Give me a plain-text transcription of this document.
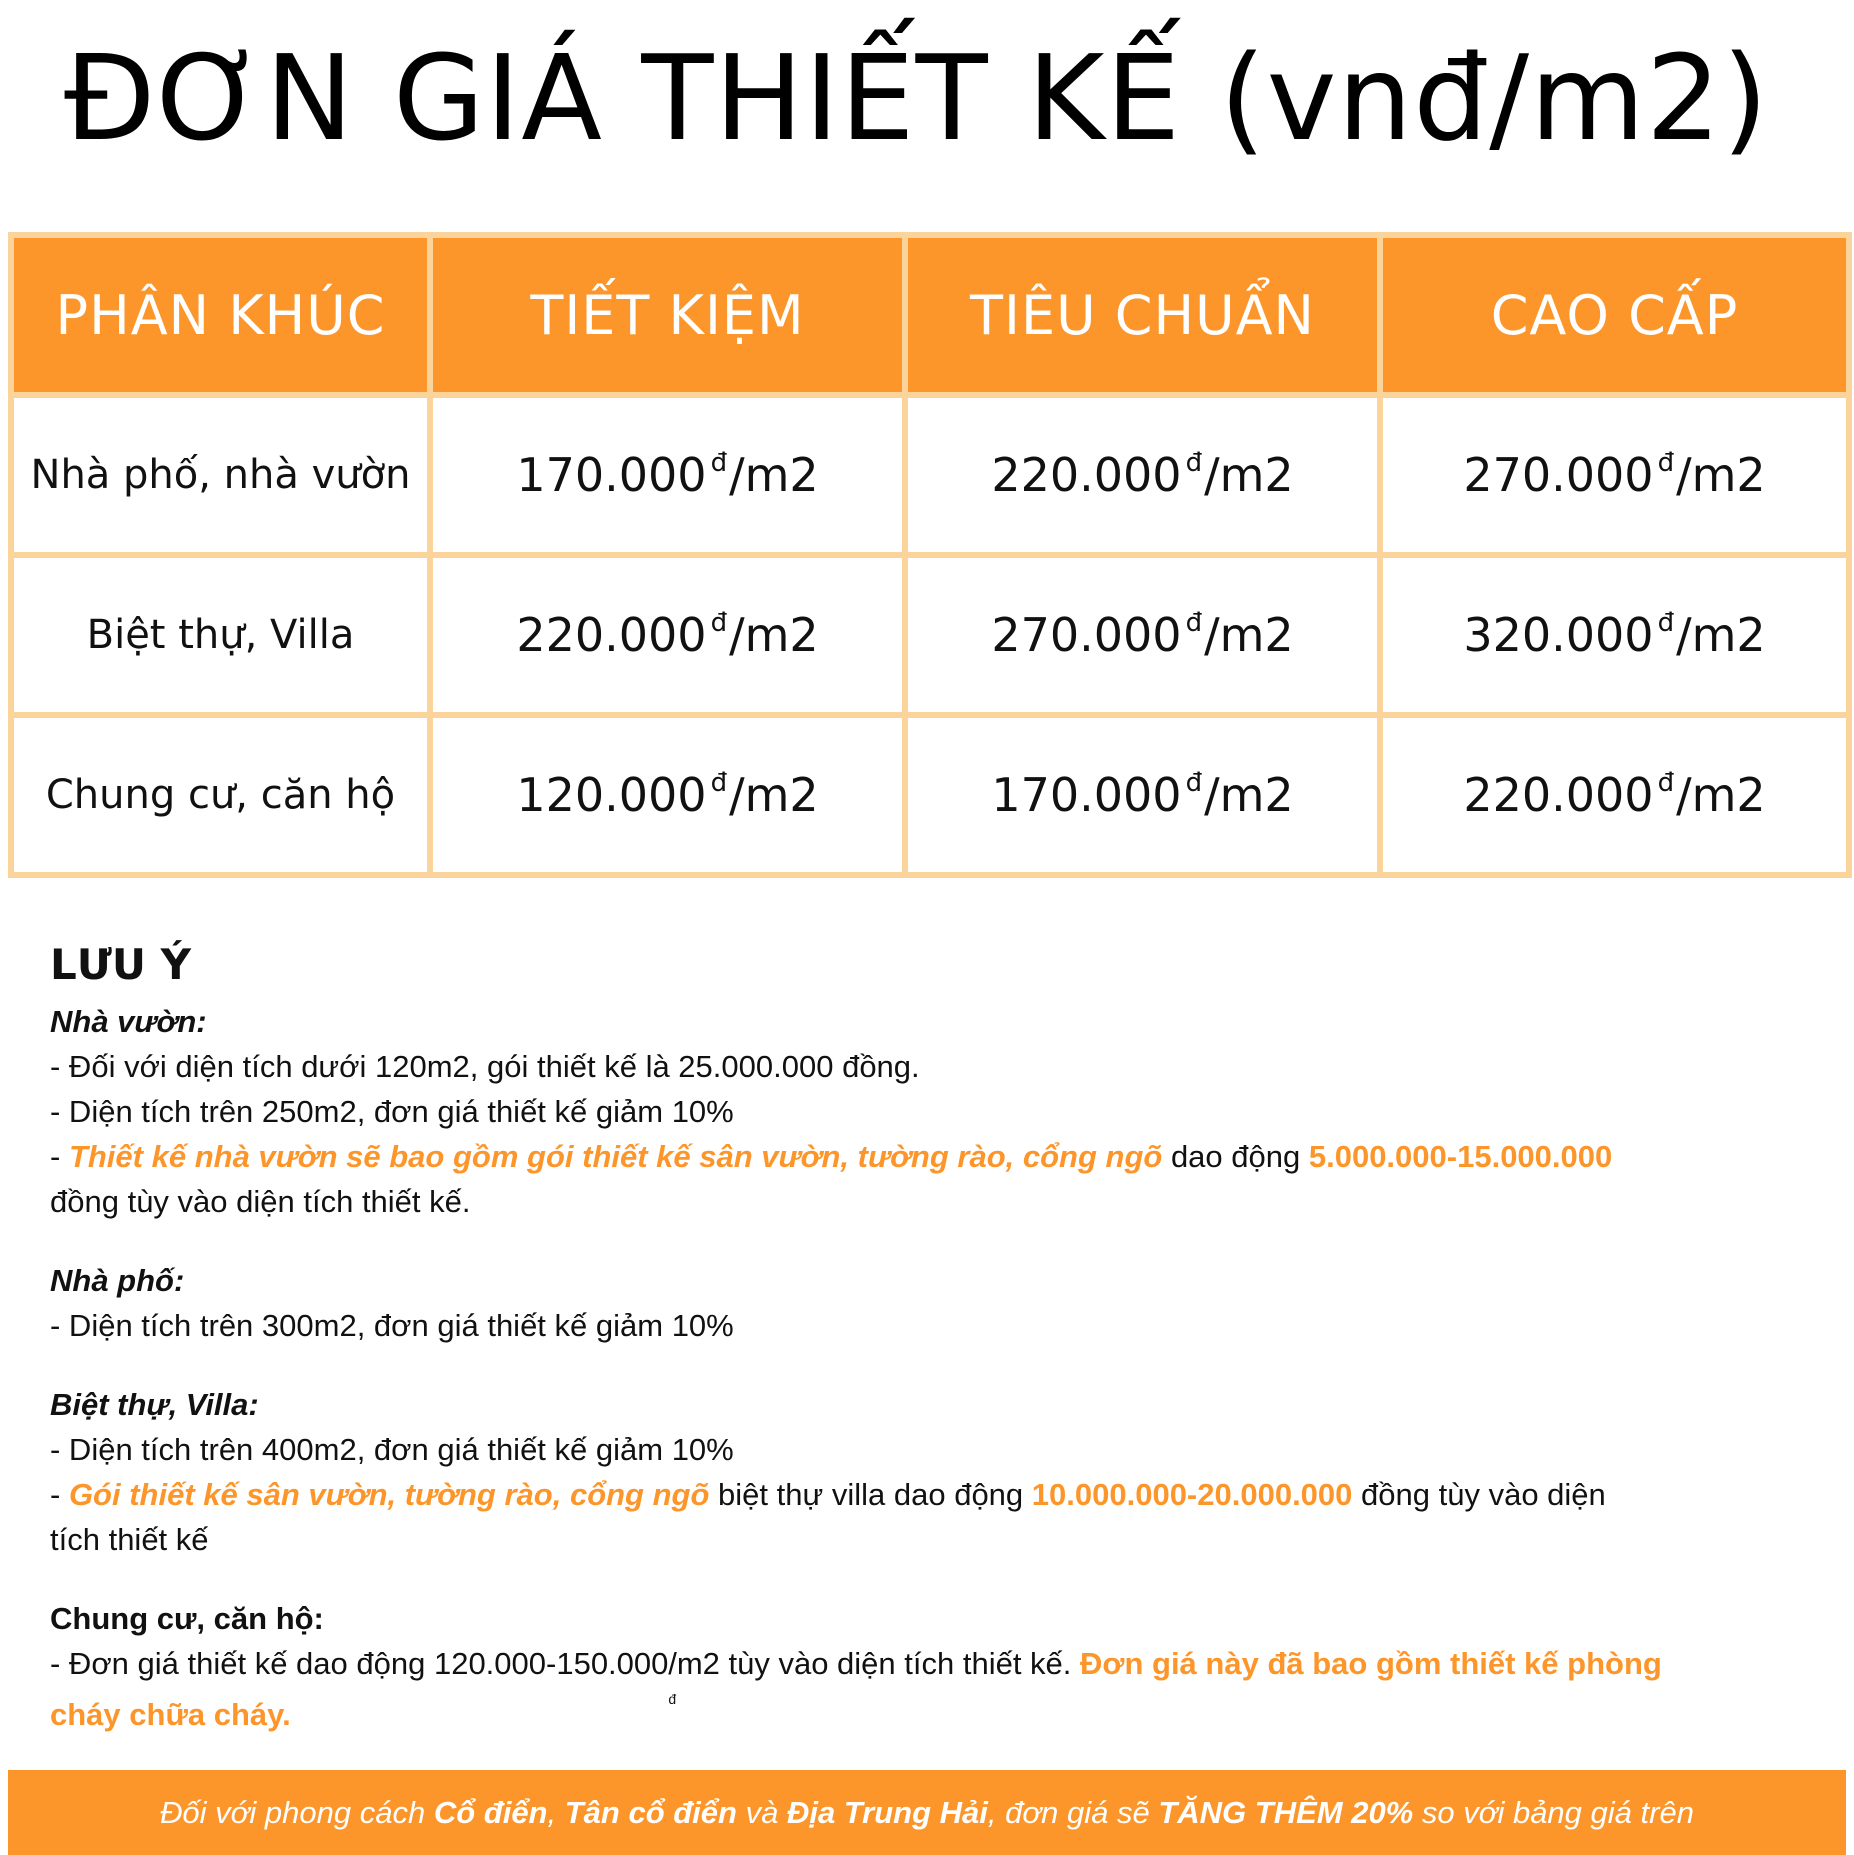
ĐƠN GIÁ THIẾT KẾ (vnđ/m2)
PHÂN KHÚC	TIẾT KIỆM	TIÊU CHUẨN	CAO CẤP
Nhà phố, nhà vườn	170.000 $^đ$/m2	220.000 $^đ$/m2	270.000 $^đ$/m2
Biệt thự, Villa	220.000 $^đ$/m2	270.000 $^đ$/m2	320.000 $^đ$/m2
Chung cư, căn hộ	120.000 $^đ$/m2	170.000 $^đ$/m2	220.000 $^đ$/m2
LƯU Ý
Nhà vườn:
- Đối với diện tích dưới 120m2, gói thiết kế là 25.000.000 đồng.
- Diện tích trên 250m2, đơn giá thiết kế giảm 10%
- Thiết kế nhà vườn sẽ bao gồm gói thiết kế sân vườn, tường rào, cổng ngõ dao động 5.000.000-15.000.000
đồng tùy vào diện tích thiết kế.
Nhà phố:
- Diện tích trên 300m2, đơn giá thiết kế giảm 10%
Biệt thự, Villa:
- Diện tích trên 400m2, đơn giá thiết kế giảm 10%
- Gói thiết kế sân vườn, tường rào, cổng ngõ biệt thự villa dao động 10.000.000-20.000.000 đồng tùy vào diện
tích thiết kế
Chung cư, căn hộ:
- Đơn giá thiết kế dao động $120.000-150.000_đ/m2$ tùy vào diện tích thiết kế. Đơn giá này đã bao gồm thiết kế phòng
cháy chữa cháy.
Đối với phong cách Cổ điển, Tân cổ điển và Địa Trung Hải, đơn giá sẽ TĂNG THÊM 20% so với bảng giá trên
